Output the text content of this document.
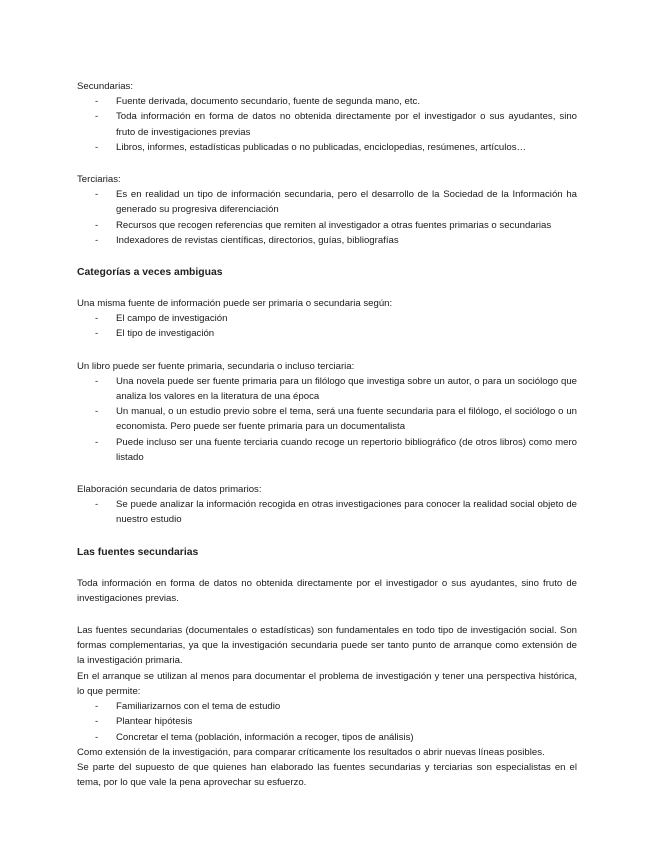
Secundarias:

- Fuente derivada, documento secundario, fuente de segunda mano, etc.
- Toda información en forma de datos no obtenida directamente por el investigador o sus ayudantes, sino fruto de investigaciones previas
- Libros, informes, estadísticas publicadas o no publicadas, enciclopedias, resúmenes, artículos…

Terciarias:

- Es en realidad un tipo de información secundaria, pero el desarrollo de la Sociedad de la Información ha generado su progresiva diferenciación
- Recursos que recogen referencias que remiten al investigador a otras fuentes primarias o secundarias
- Indexadores de revistas científicas, directorios, guías, bibliografías
Categorías a veces ambiguas

Una misma fuente de información puede ser primaria o secundaria según:

- El campo de investigación
- El tipo de investigación

Un libro puede ser fuente primaria, secundaria o incluso terciaria:

- Una novela puede ser fuente primaria para un filólogo que investiga sobre un autor, o para un sociólogo que analiza los valores en la literatura de una época
- Un manual, o un estudio previo sobre el tema, será una fuente secundaria para el filólogo, el sociólogo o un economista. Pero puede ser fuente primaria para un documentalista
- Puede incluso ser una fuente terciaria cuando recoge un repertorio bibliográfico (de otros libros) como mero listado

Elaboración secundaria de datos primarios:

- Se puede analizar la información recogida en otras investigaciones para conocer la realidad social objeto de nuestro estudio
Las fuentes secundarias

Toda información en forma de datos no obtenida directamente por el investigador o sus ayudantes, sino fruto de investigaciones previas.

Las fuentes secundarias (documentales o estadísticas) son fundamentales en todo tipo de investigación social. Son formas complementarias, ya que la investigación secundaria puede ser tanto punto de arranque como extensión de la investigación primaria.

En el arranque se utilizan al menos para documentar el problema de investigación y tener una perspectiva histórica, lo que permite:

- Familiarizarnos con el tema de estudio
- Plantear hipótesis
- Concretar el tema (población, información a recoger, tipos de análisis)

Como extensión de la investigación, para comparar críticamente los resultados o abrir nuevas líneas posibles.

Se parte del supuesto de que quienes han elaborado las fuentes secundarias y terciarias son especialistas en el tema, por lo que vale la pena aprovechar su esfuerzo.
